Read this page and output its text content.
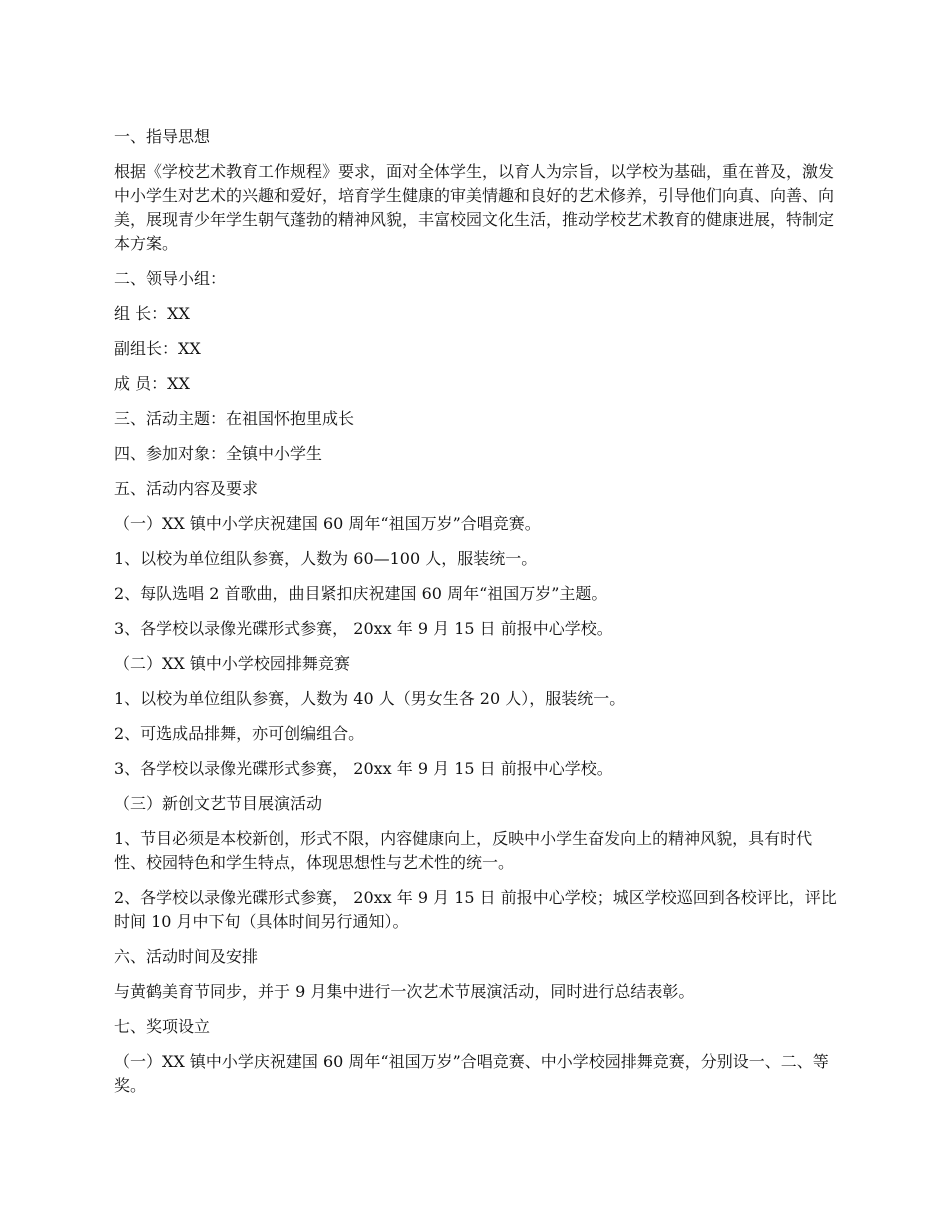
一、指导思想

根据《学校艺术教育工作规程》要求，面对全体学生，以育人为宗旨，以学校为基础，重在普及，激发中小学生对艺术的兴趣和爱好，培育学生健康的审美情趣和良好的艺术修养，引导他们向真、向善、向美，展现青少年学生朝气蓬勃的精神风貌，丰富校园文化生活，推动学校艺术教育的健康进展，特制定本方案。

二、领导小组：

组 长：XX

副组长：XX

成 员：XX

三、活动主题：在祖国怀抱里成长

四、参加对象：全镇中小学生

五、活动内容及要求

（一）XX 镇中小学庆祝建国 60 周年“祖国万岁”合唱竞赛。

1、以校为单位组队参赛，人数为 60—100 人，服装统一。

2、每队选唱 2 首歌曲，曲目紧扣庆祝建国 60 周年“祖国万岁”主题。

3、各学校以录像光碟形式参赛， 20xx 年 9 月 15 日 前报中心学校。

（二）XX 镇中小学校园排舞竞赛

1、以校为单位组队参赛，人数为 40 人（男女生各 20 人），服装统一。

2、可选成品排舞，亦可创编组合。

3、各学校以录像光碟形式参赛， 20xx 年 9 月 15 日 前报中心学校。

（三）新创文艺节目展演活动

1、节目必须是本校新创，形式不限，内容健康向上，反映中小学生奋发向上的精神风貌，具有时代性、校园特色和学生特点，体现思想性与艺术性的统一。

2、各学校以录像光碟形式参赛， 20xx 年 9 月 15 日 前报中心学校；城区学校巡回到各校评比，评比时间 10 月中下旬（具体时间另行通知）。

六、活动时间及安排

与黄鹤美育节同步，并于 9 月集中进行一次艺术节展演活动，同时进行总结表彰。

七、奖项设立

（一）XX 镇中小学庆祝建国 60 周年“祖国万岁”合唱竞赛、中小学校园排舞竞赛，分别设一、二、等奖。
